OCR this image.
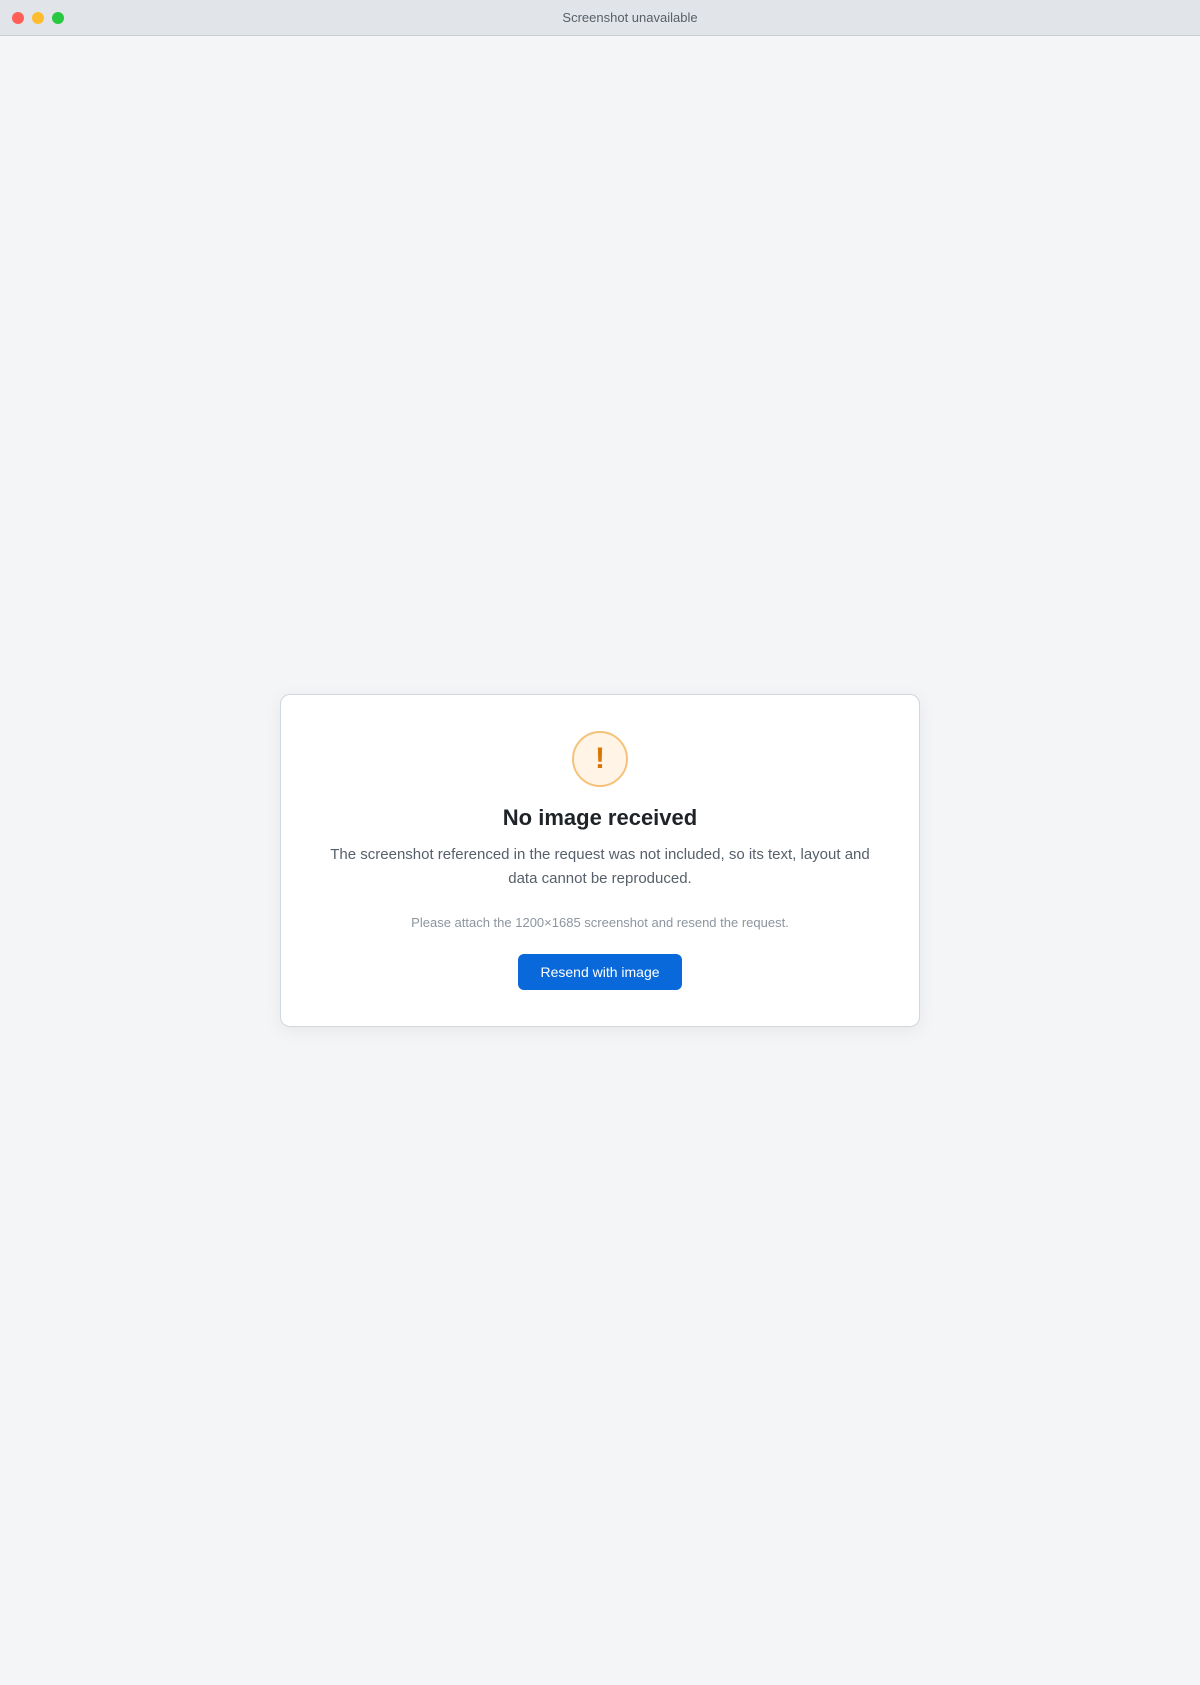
Screenshot unavailable
!
No image received
The screenshot referenced in the request was not included, so its text, layout and data cannot be reproduced.
Please attach the 1200×1685 screenshot and resend the request.
Resend with image
